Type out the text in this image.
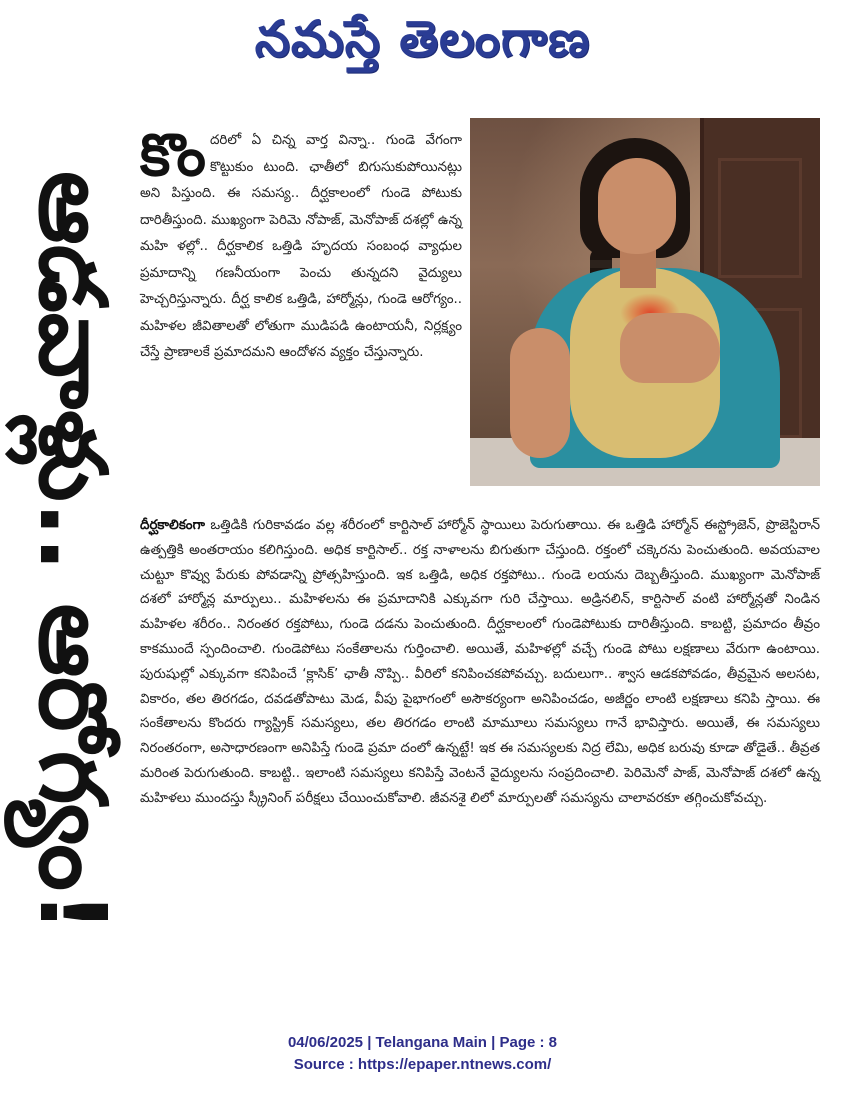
నమస్తే తెలంగాణ
ఆడవాళ్లు.. ఆరోగ్యం!
కొం దరిలో ఏ చిన్న వార్త విన్నా.. గుండె వేగంగా కొట్టుకుం టుంది. ఛాతీలో బిగుసుకుపోయినట్లు అని పిస్తుంది. ఈ సమస్య.. దీర్ఘకాలంలో గుండె పోటుకు దారితీస్తుంది. ముఖ్యంగా పెరిమె నోపాజ్, మెనోపాజ్ దశల్లో ఉన్న మహి ళల్లో.. దీర్ఘకాలిక ఒత్తిడి హృదయ సంబంధ వ్యాధుల ప్రమాదాన్ని గణనీయంగా పెంచు తున్నదని వైద్యులు హెచ్చరిస్తున్నారు. దీర్ఘ కాలిక ఒత్తిడి, హార్మోన్లు, గుండె ఆరోగ్యం.. మహిళల జీవితాలతో లోతుగా ముడిపడి ఉంటాయనీ, నిర్లక్ష్యం చేస్తే ప్రాణాలకే ప్రమాదమని ఆందోళన వ్యక్తం చేస్తున్నారు.
దీర్ఘకాలికంగా ఒత్తిడికి గురికావడం వల్ల శరీరంలో కార్టిసాల్ హార్మోన్ స్థాయిలు పెరుగుతాయి. ఈ ఒత్తిడి హార్మోన్ ఈస్ట్రోజెన్, ప్రొజెస్టిరాన్ ఉత్పత్తికి అంతరాయం కలిగిస్తుంది. అధిక కార్టిసాల్.. రక్త నాళాలను బిగుతుగా చేస్తుంది. రక్తంలో చక్కెరను పెంచుతుంది. అవయవాల చుట్టూ కొవ్వు పేరుకు పోవడాన్ని ప్రోత్సహిస్తుంది. ఇక ఒత్తిడి, అధిక రక్తపోటు.. గుండె లయను దెబ్బతీస్తుంది. ముఖ్యంగా మెనోపాజ్ దశలో హార్మోన్ల మార్పులు.. మహిళలను ఈ ప్రమాదానికి ఎక్కువగా గురి చేస్తాయి. అడ్రినలిన్, కార్టిసాల్ వంటి హార్మోన్లతో నిండిన మహిళల శరీరం.. నిరంతర రక్తపోటు, గుండె దడను పెంచుతుంది. దీర్ఘకాలంలో గుండెపోటుకు దారితీస్తుంది. కాబట్టి, ప్రమాదం తీవ్రం కాకముందే స్పందించాలి. గుండెపోటు సంకేతాలను గుర్తించాలి. అయితే, మహిళల్లో వచ్చే గుండె పోటు లక్షణాలు వేరుగా ఉంటాయి. పురుషుల్లో ఎక్కువగా కనిపించే ‘క్లాసిక్’ ఛాతీ నొప్పి.. వీరిలో కనిపించకపోవచ్చు. బదులుగా.. శ్వాస ఆడకపోవడం, తీవ్రమైన అలసట, వికారం, తల తిరగడం, దవడతోపాటు మెడ, వీపు పైభాగంలో అసౌకర్యంగా అనిపించడం, అజీర్ణం లాంటి లక్షణాలు కనిపి స్తాయి. ఈ సంకేతాలను కొందరు గ్యాస్ట్రిక్ సమస్యలు, తల తిరగడం లాంటి మామూలు సమస్యలు గానే భావిస్తారు. అయితే, ఈ సమస్యలు నిరంతరంగా, అసాధారణంగా అనిపిస్తే గుండె ప్రమా దంలో ఉన్నట్టే! ఇక ఈ సమస్యలకు నిద్ర లేమి, అధిక బరువు కూడా తోడైతే.. తీవ్రత మరింత పెరుగుతుంది. కాబట్టి.. ఇలాంటి సమస్యలు కనిపిస్తే వెంటనే వైద్యులను సంప్రదించాలి. పెరిమెనో పాజ్, మెనోపాజ్ దశలో ఉన్న మహిళలు ముందస్తు స్క్రీనింగ్ పరీక్షలు చేయించుకోవాలి. జీవనశై లిలో మార్పులతో సమస్యను చాలావరకూ తగ్గించుకోవచ్చు.
04/06/2025 | Telangana Main | Page : 8
Source : https://epaper.ntnews.com/
